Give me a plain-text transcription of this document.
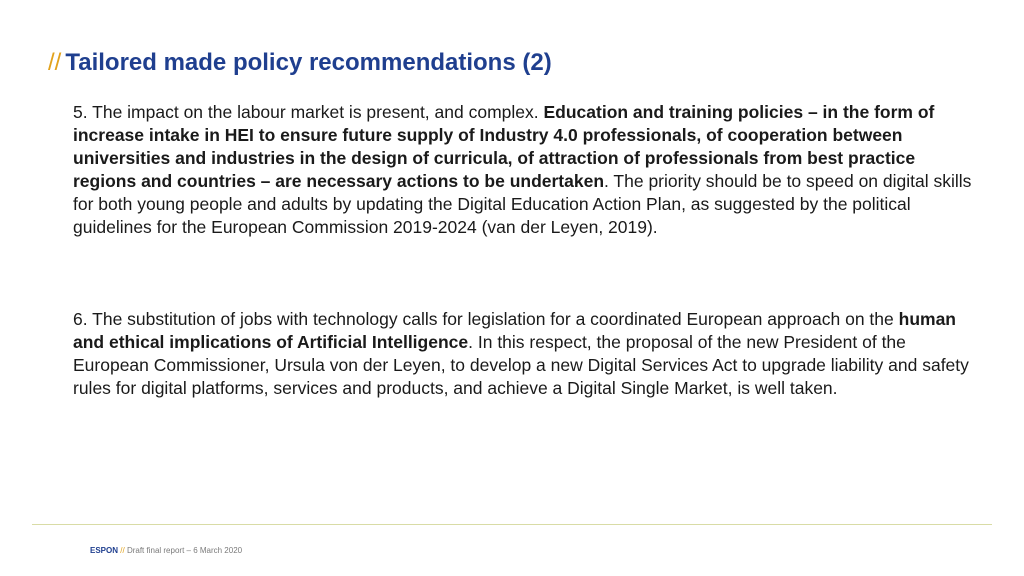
// Tailored made policy recommendations (2)

5. The impact on the labour market is present, and complex. Education and training policies – in the form of increase intake in HEI to ensure future supply of Industry 4.0 professionals, of cooperation between universities and industries in the design of curricula, of attraction of professionals from best practice regions and countries – are necessary actions to be undertaken. The priority should be to speed on digital skills for both young people and adults by updating the Digital Education Action Plan, as suggested by the political guidelines for the European Commission 2019-2024 (van der Leyen, 2019).

6. The substitution of jobs with technology calls for legislation for a coordinated European approach on the human and ethical implications of Artificial Intelligence. In this respect, the proposal of the new President of the European Commissioner, Ursula von der Leyen, to develop a new Digital Services Act to upgrade liability and safety rules for digital platforms, services and products, and achieve a Digital Single Market, is well taken.

ESPON // Draft final report – 6 March 2020
